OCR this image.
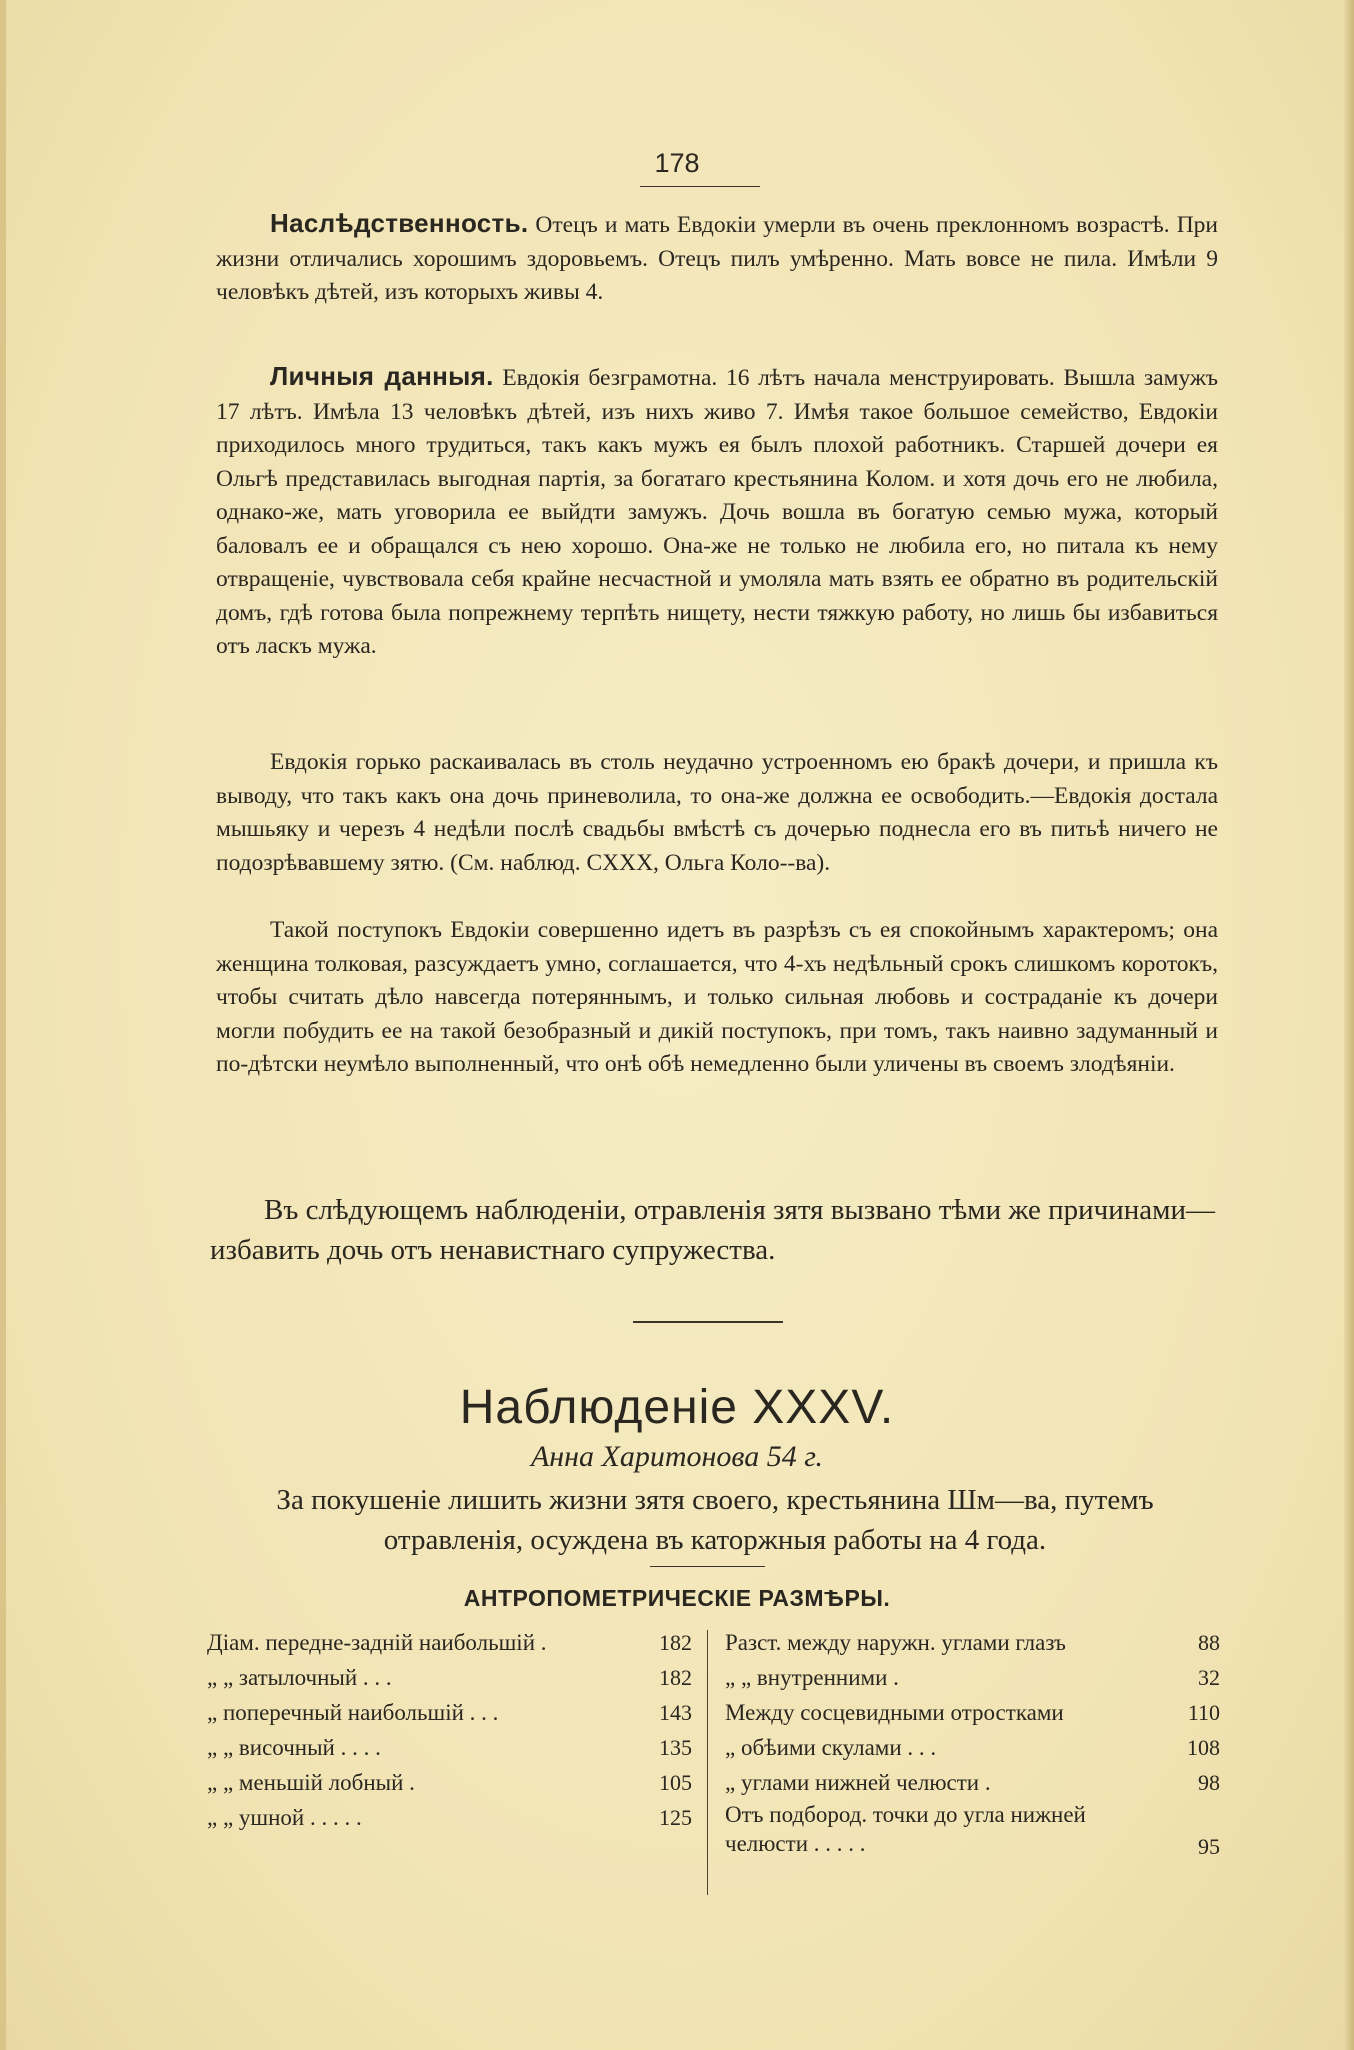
178

Наслѣдственность. Отецъ и мать Евдокіи умерли въ очень преклонномъ возрастѣ. При жизни отличались хорошимъ здоровьемъ. Отецъ пилъ умѣренно. Мать вовсе не пила. Имѣли 9 человѣкъ дѣтей, изъ которыхъ живы 4.

Личныя данныя. Евдокія безграмотна. 16 лѣтъ начала менструировать. Вышла замужъ 17 лѣтъ. Имѣла 13 человѣкъ дѣтей, изъ нихъ живо 7. Имѣя такое большое семейство, Евдокіи приходилось много трудиться, такъ какъ мужъ ея былъ плохой работникъ. Старшей дочери ея Ольгѣ представилась выгодная партія, за богатаго крестьянина Колом. и хотя дочь его не любила, однако-же, мать уговорила ее выйдти замужъ. Дочь вошла въ богатую семью мужа, который баловалъ ее и обращался съ нею хорошо. Она-же не только не любила его, но питала къ нему отвращеніе, чувствовала себя крайне несчастной и умоляла мать взять ее обратно въ родительскій домъ, гдѣ готова была попрежнему терпѣть нищету, нести тяжкую работу, но лишь бы избавиться отъ ласкъ мужа.

Евдокія горько раскаивалась въ столь неудачно устроенномъ ею бракѣ дочери, и пришла къ выводу, что такъ какъ она дочь приневолила, то она-же должна ее освободить.—Евдокія достала мышьяку и черезъ 4 недѣли послѣ свадьбы вмѣстѣ съ дочерью поднесла его въ питьѣ ничего не подозрѣвавшему зятю. (См. наблюд. CXXX, Ольга Коло--ва).

Такой поступокъ Евдокіи совершенно идетъ въ разрѣзъ съ ея спокойнымъ характеромъ; она женщина толковая, разсуждаетъ умно, соглашается, что 4-хъ недѣльный срокъ слишкомъ коротокъ, чтобы считать дѣло навсегда потеряннымъ, и только сильная любовь и состраданіе къ дочери могли побудить ее на такой безобразный и дикій поступокъ, при томъ, такъ наивно задуманный и по-дѣтски неумѣло выполненный, что онѣ обѣ немедленно были уличены въ своемъ злодѣяніи.

Въ слѣдующемъ наблюденіи, отравленія зятя вызвано тѣми же причинами—избавить дочь отъ ненавистнаго супружества.

Наблюденіе XXXV.
Анна Харитонова 54 г.

За покушеніе лишить жизни зятя своего, крестьянина Шм—ва, путемъ отравленія, осуждена въ каторжныя работы на 4 года.

АНТРОПОМЕТРИЧЕСКІЕ РАЗМѢРЫ.
Діам. передне-задній наибольшій .	182
„ „ затылочный . . .	182
„ поперечный наибольшій . . .	143
„ „ височный . . . .	135
„ „ меньшій лобный .	105
„ „ ушной . . . . .	125
Разст. между наружн. углами глазъ	88
„ „ внутренними .	32
Между сосцевидными отростками	110
„ обѣими скулами . . .	108
„ углами нижней челюсти .	98
Отъ подбород. точки до угла нижней челюсти . . . . .	95
